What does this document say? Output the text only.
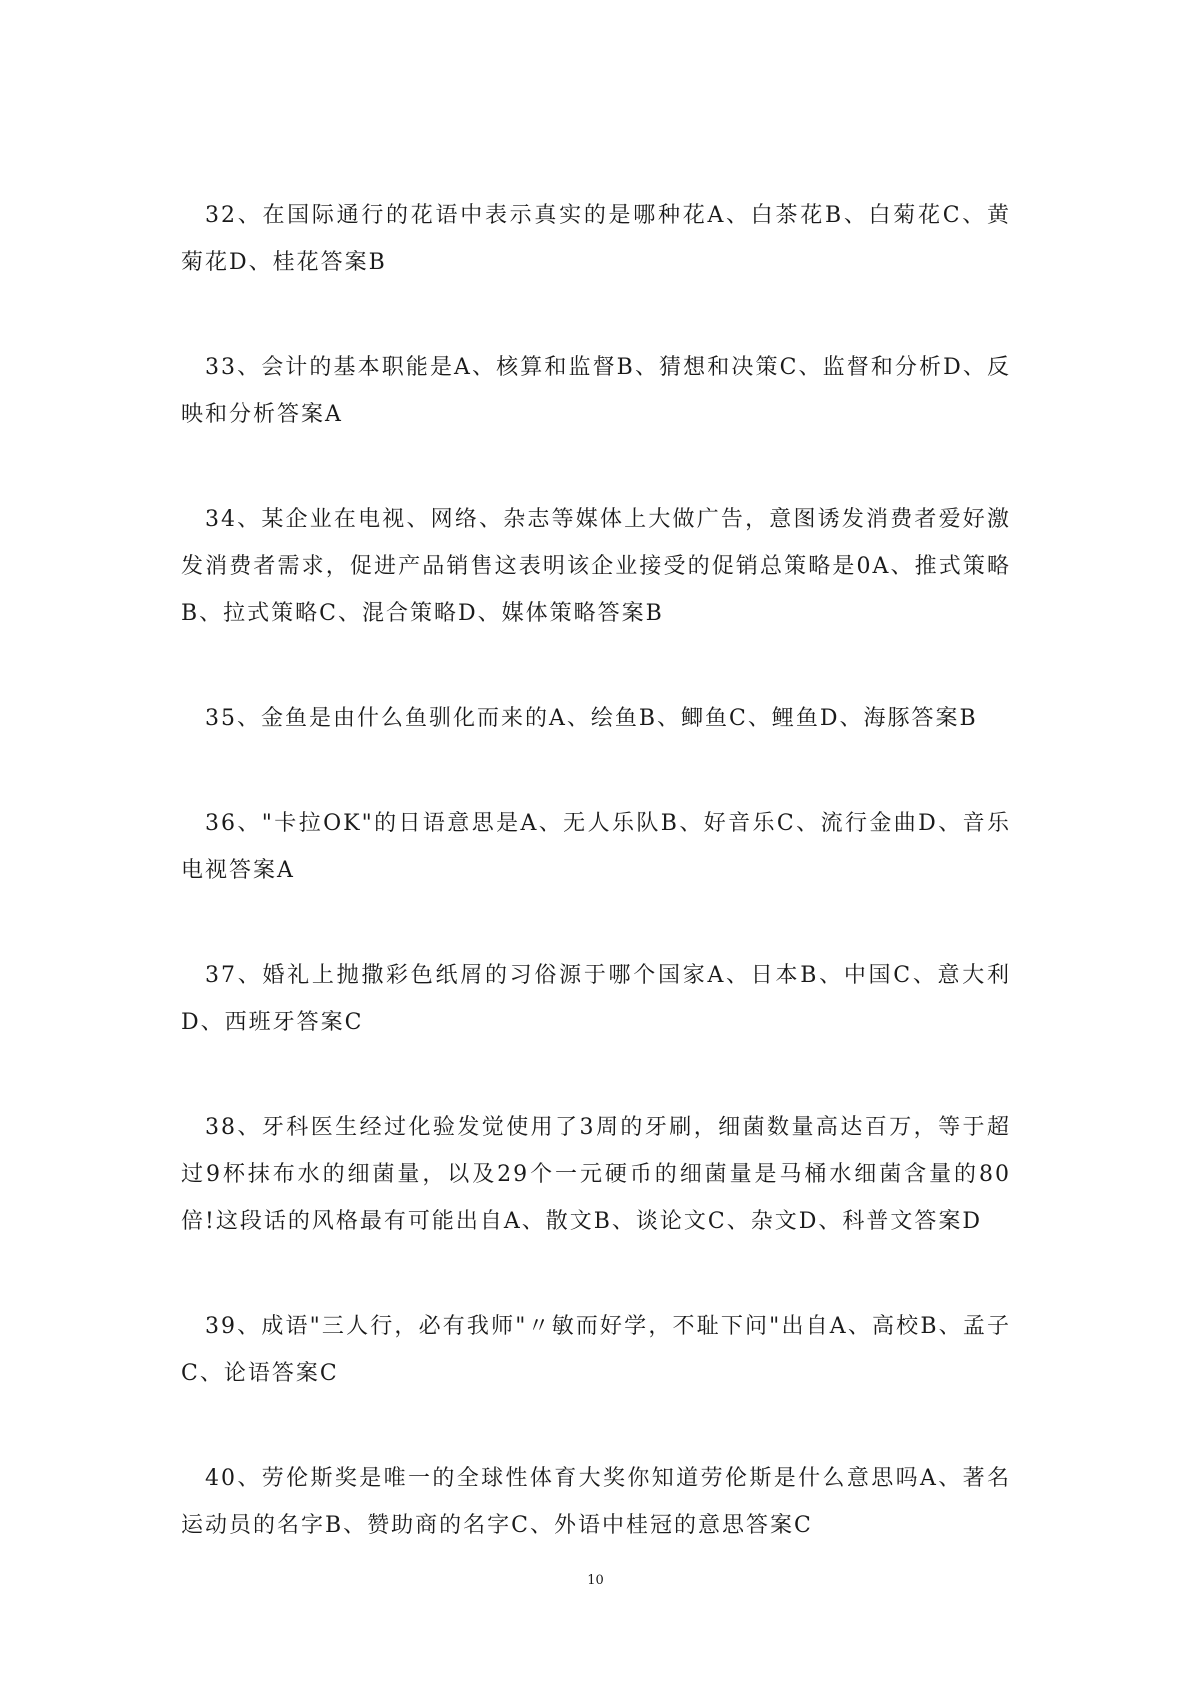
32、在国际通行的花语中表示真实的是哪种花A、白茶花B、白菊花C、黄菊花D、桂花答案B

33、会计的基本职能是A、核算和监督B、猜想和决策C、监督和分析D、反映和分析答案A

34、某企业在电视、网络、杂志等媒体上大做广告，意图诱发消费者爱好激发消费者需求，促进产品销售这表明该企业接受的促销总策略是0A、推式策略B、拉式策略C、混合策略D、媒体策略答案B

35、金鱼是由什么鱼驯化而来的A、绘鱼B、鲫鱼C、鲤鱼D、海豚答案B

36、"卡拉OK"的日语意思是A、无人乐队B、好音乐C、流行金曲D、音乐电视答案A

37、婚礼上抛撒彩色纸屑的习俗源于哪个国家A、日本B、中国C、意大利D、西班牙答案C

38、牙科医生经过化验发觉使用了3周的牙刷，细菌数量高达百万，等于超过9杯抹布水的细菌量，以及29个一元硬币的细菌量是马桶水细菌含量的80倍!这段话的风格最有可能出自A、散文B、谈论文C、杂文D、科普文答案D

39、成语"三人行，必有我师"〃敏而好学，不耻下问"出自A、高校B、孟子C、论语答案C

40、劳伦斯奖是唯一的全球性体育大奖你知道劳伦斯是什么意思吗A、著名运动员的名字B、赞助商的名字C、外语中桂冠的意思答案C

10
